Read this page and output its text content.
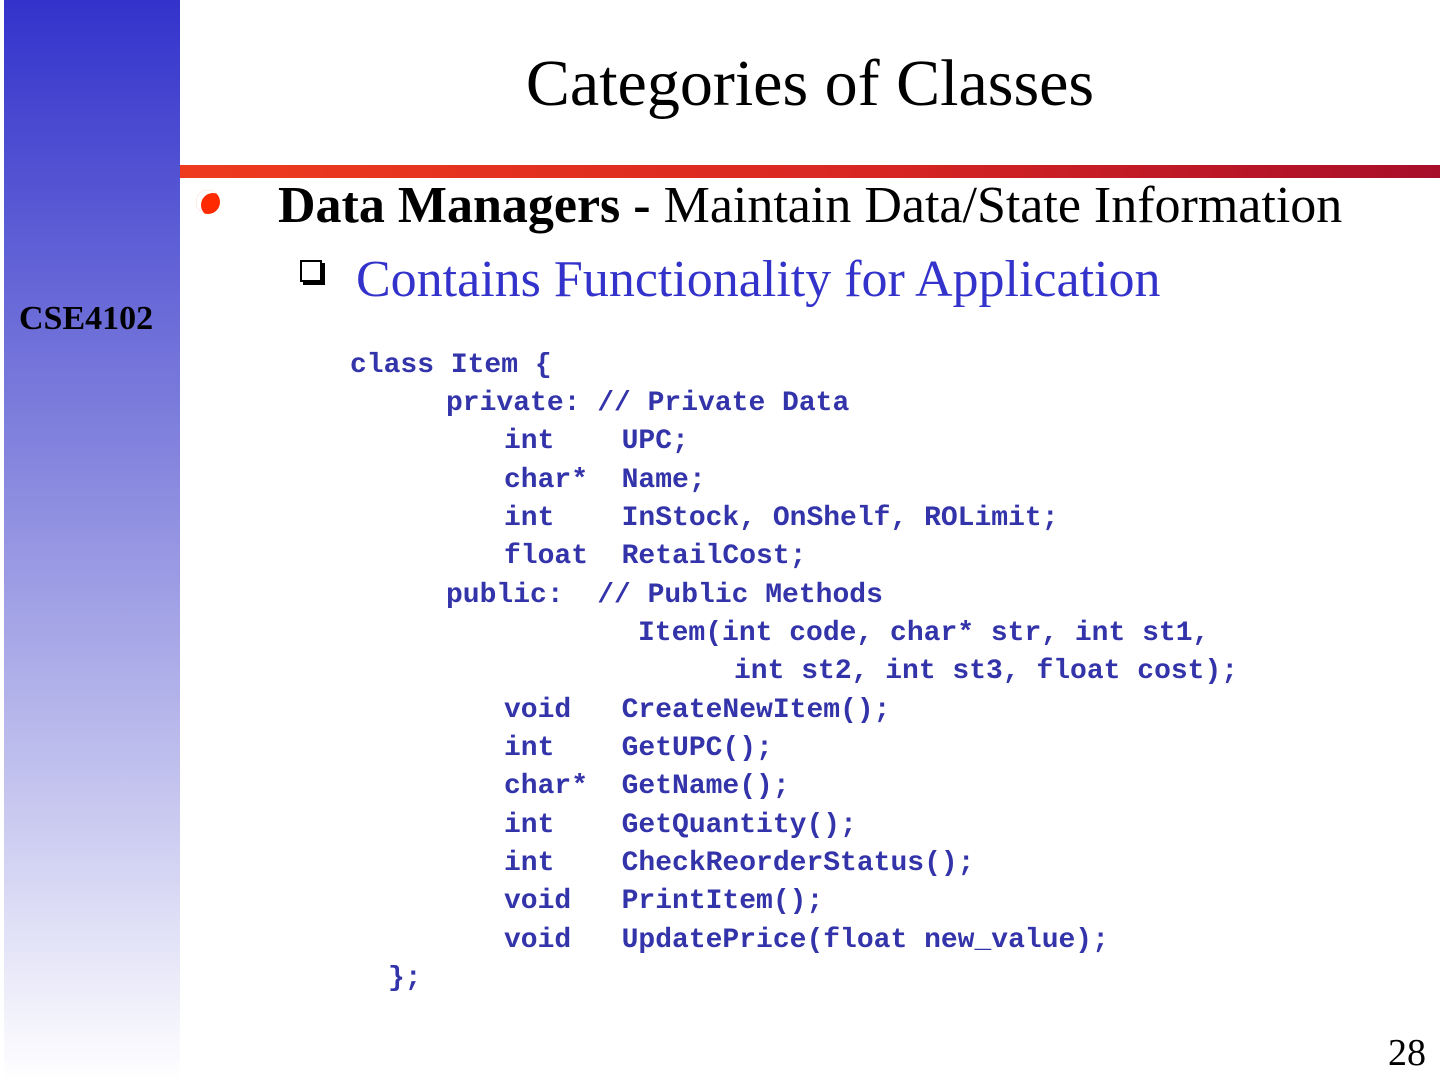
CSE4102
Categories of Classes
Data Managers - Maintain Data/State Information
Contains Functionality for Application
class Item {
private: // Private Data
int    UPC;
char*  Name;
int    InStock, OnShelf, ROLimit;
float  RetailCost;
public:  // Public Methods
Item(int code, char* str, int st1,
int st2, int st3, float cost);
void   CreateNewItem();
int    GetUPC();
char*  GetName();
int    GetQuantity();
int    CheckReorderStatus();
void   PrintItem();
void   UpdatePrice(float new_value);
};
28
